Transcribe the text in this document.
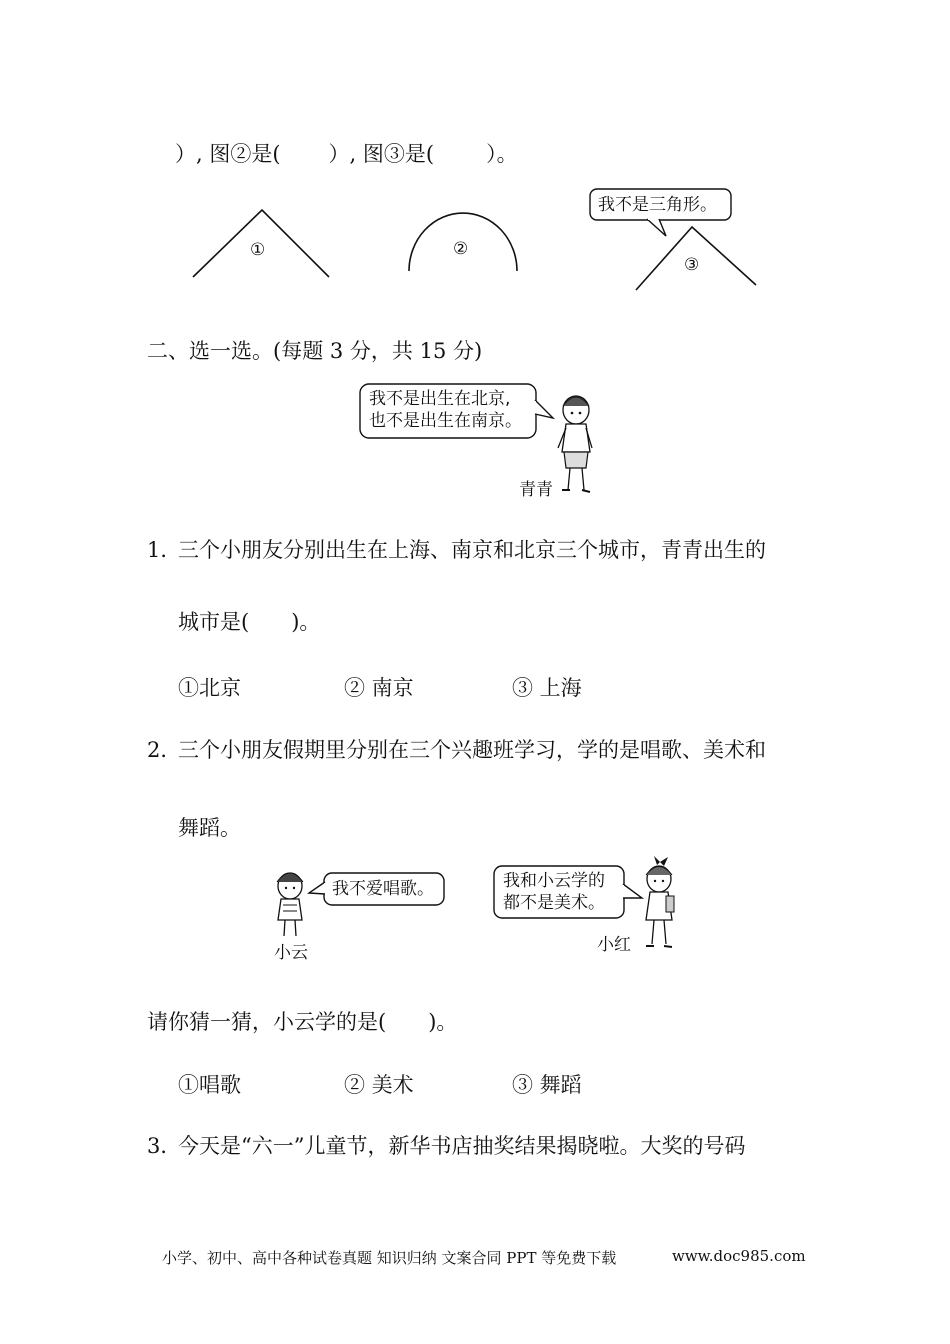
）, 图②是( ）, 图③是( ）。
①	②
我不是三角形。
③
二、选一选。(每题 3 分，共 15 分)
我不是出生在北京,
也不是出生在南京。
青青
1．
三个小朋友分别出生在上海、南京和北京三个城市，青青出生的
城市是(　　)。
①北京	② 南京	③ 上海
2．
三个小朋友假期里分别在三个兴趣班学习，学的是唱歌、美术和
舞蹈。
我不爱唱歌。
小云
我和小云学的
都不是美术。
小红
请你猜一猜，小云学的是(　　)。
①唱歌	② 美术	③ 舞蹈
3．
今天是“六一”儿童节，新华书店抽奖结果揭晓啦。大奖的号码
小学、初中、高中各种试卷真题 知识归纳 文案合同 PPT 等免费下载	www.doc985.com
